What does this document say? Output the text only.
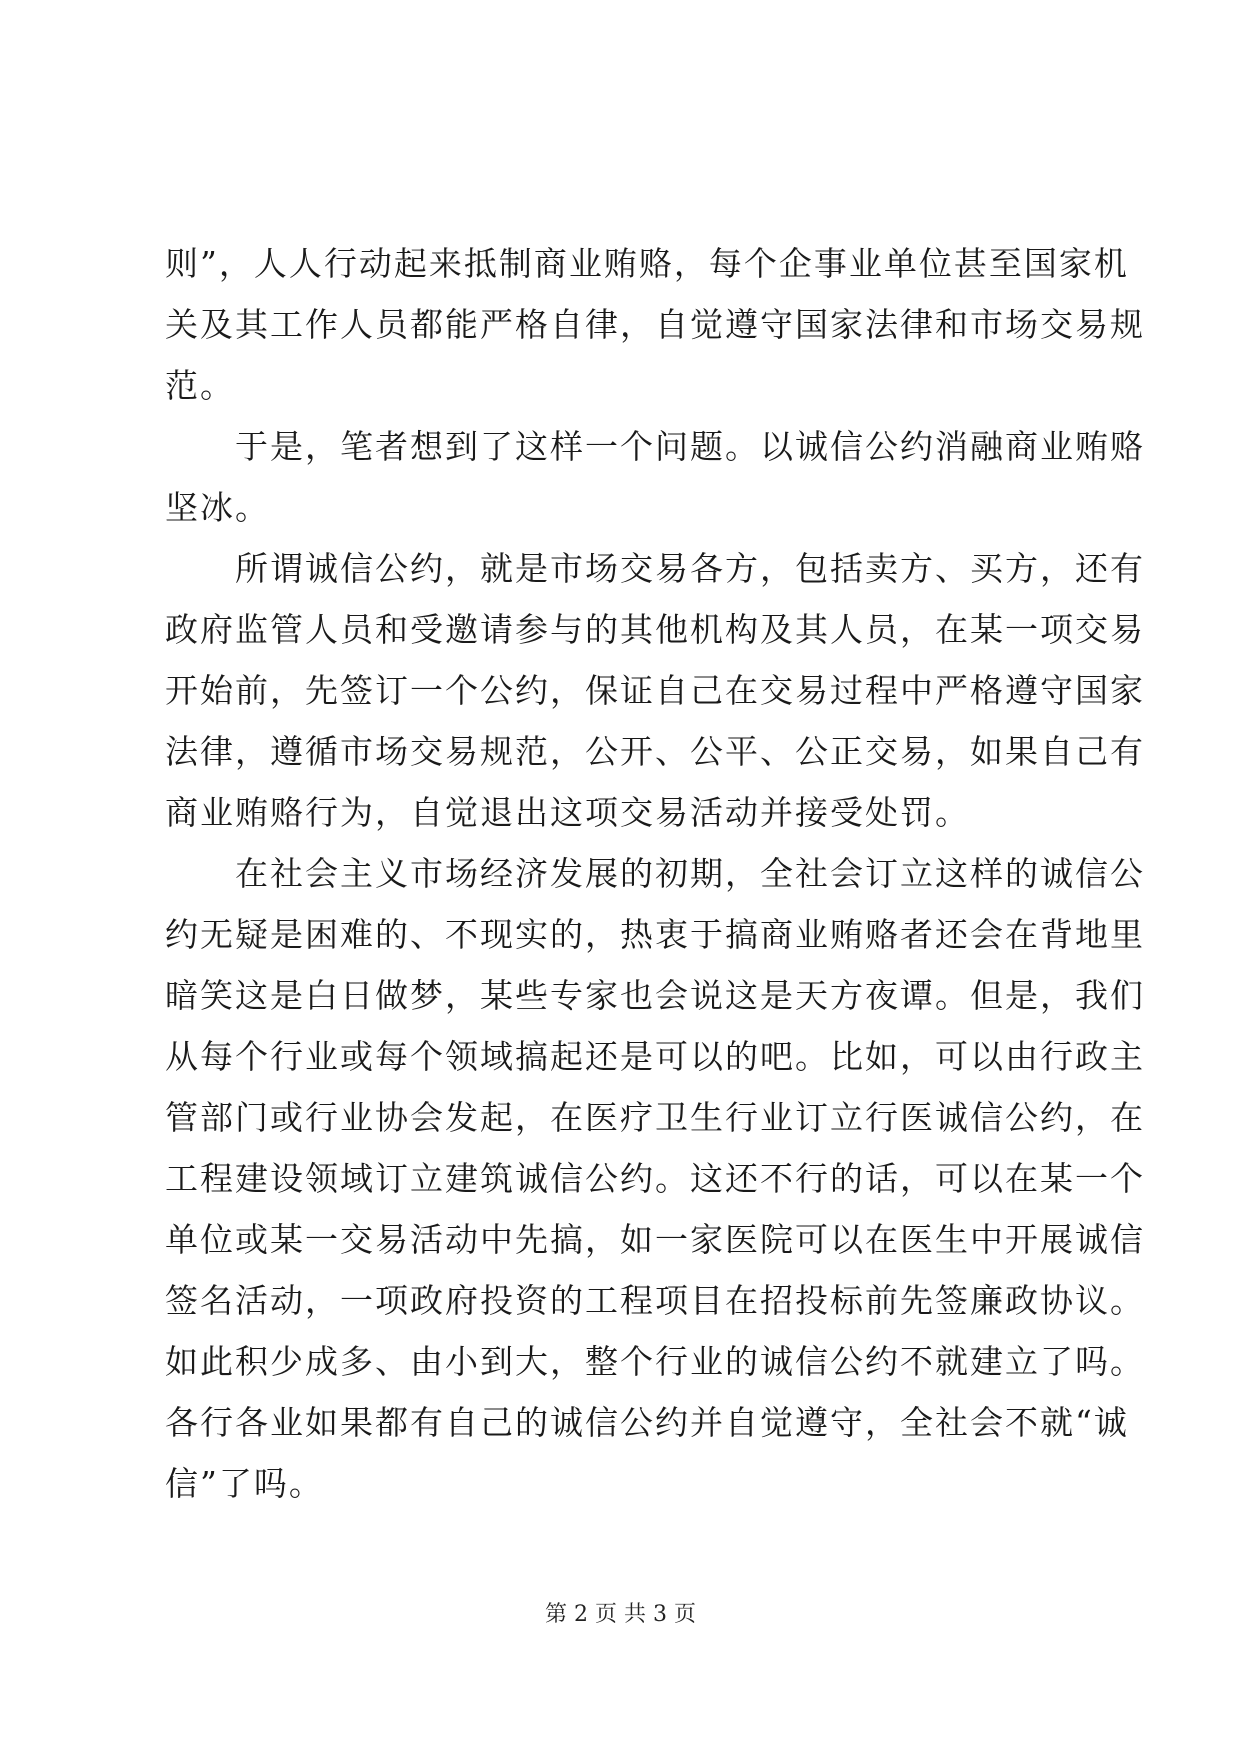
则”，人人行动起来抵制商业贿赂，每个企事业单位甚至国家机
关及其工作人员都能严格自律，自觉遵守国家法律和市场交易规
范。
　　于是，笔者想到了这样一个问题。以诚信公约消融商业贿赂
坚冰。
　　所谓诚信公约，就是市场交易各方，包括卖方、买方，还有
政府监管人员和受邀请参与的其他机构及其人员，在某一项交易
开始前，先签订一个公约，保证自己在交易过程中严格遵守国家
法律，遵循市场交易规范，公开、公平、公正交易，如果自己有
商业贿赂行为，自觉退出这项交易活动并接受处罚。
　　在社会主义市场经济发展的初期，全社会订立这样的诚信公
约无疑是困难的、不现实的，热衷于搞商业贿赂者还会在背地里
暗笑这是白日做梦，某些专家也会说这是天方夜谭。但是，我们
从每个行业或每个领域搞起还是可以的吧。比如，可以由行政主
管部门或行业协会发起，在医疗卫生行业订立行医诚信公约，在
工程建设领域订立建筑诚信公约。这还不行的话，可以在某一个
单位或某一交易活动中先搞，如一家医院可以在医生中开展诚信
签名活动，一项政府投资的工程项目在招投标前先签廉政协议。
如此积少成多、由小到大，整个行业的诚信公约不就建立了吗。
各行各业如果都有自己的诚信公约并自觉遵守，全社会不就“诚
信”了吗。
第 2 页 共 3 页
